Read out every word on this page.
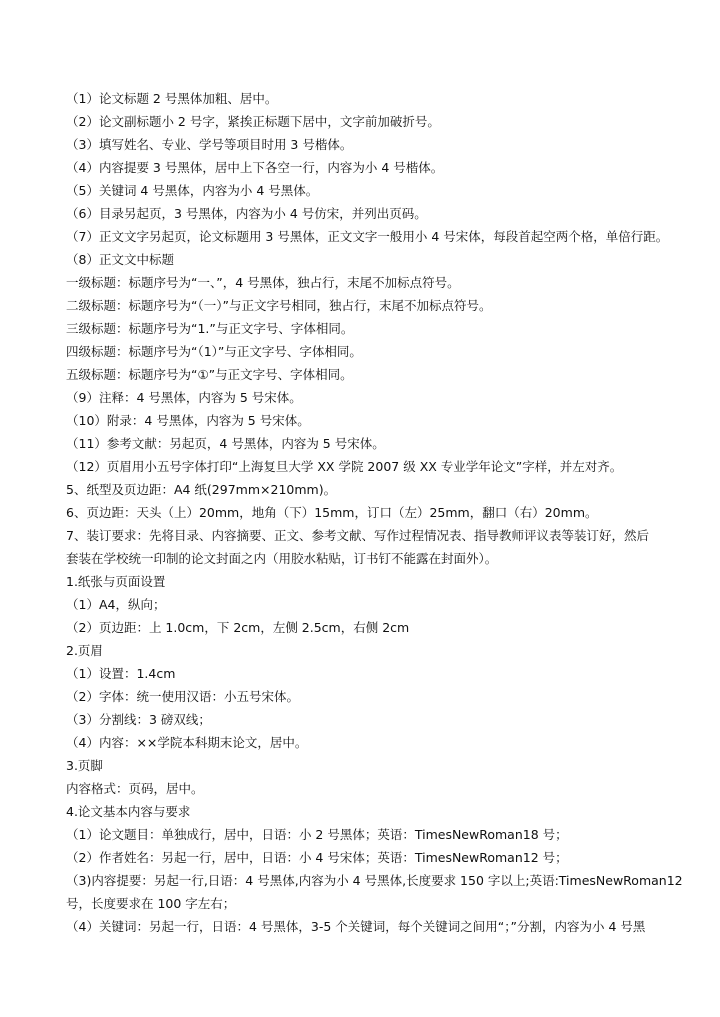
（1）论文标题 2 号黑体加粗、居中。
（2）论文副标题小 2 号字，紧挨正标题下居中，文字前加破折号。
（3）填写姓名、专业、学号等项目时用 3 号楷体。
（4）内容提要 3 号黑体，居中上下各空一行，内容为小 4 号楷体。
（5）关键词 4 号黑体，内容为小 4 号黑体。
（6）目录另起页，3 号黑体，内容为小 4 号仿宋，并列出页码。
（7）正文文字另起页，论文标题用 3 号黑体，正文文字一般用小 4 号宋体，每段首起空两个格，单倍行距。
（8）正文文中标题
一级标题：标题序号为“一、”，4 号黑体，独占行，末尾不加标点符号。
二级标题：标题序号为“（一）”与正文字号相同，独占行，末尾不加标点符号。
三级标题：标题序号为“1.”与正文字号、字体相同。
四级标题：标题序号为“（1）”与正文字号、字体相同。
五级标题：标题序号为“①”与正文字号、字体相同。
（9）注释：4 号黑体，内容为 5 号宋体。
（10）附录：4 号黑体，内容为 5 号宋体。
（11）参考文献：另起页，4 号黑体，内容为 5 号宋体。
（12）页眉用小五号字体打印“上海复旦大学 XX 学院 2007 级 XX 专业学年论文”字样，并左对齐。
5、纸型及页边距：A4 纸(297mm×210mm)。
6、页边距：天头（上）20mm，地角（下）15mm，订口（左）25mm，翻口（右）20mm。
7、装订要求：先将目录、内容摘要、正文、参考文献、写作过程情况表、指导教师评议表等装订好，然后
套装在学校统一印制的论文封面之内（用胶水粘贴，订书钉不能露在封面外）。
1.纸张与页面设置
（1）A4，纵向；
（2）页边距：上 1.0cm，下 2cm，左侧 2.5cm，右侧 2cm
2.页眉
（1）设置：1.4cm
（2）字体：统一使用汉语：小五号宋体。
（3）分割线：3 磅双线；
（4）内容：××学院本科期末论文，居中。
3.页脚
内容格式：页码，居中。
4.论文基本内容与要求
（1）论文题目：单独成行，居中，日语：小 2 号黑体；英语：TimesNewRoman18 号；
（2）作者姓名：另起一行，居中，日语：小 4 号宋体；英语：TimesNewRoman12 号；
（3)内容提要：另起一行,日语：4 号黑体,内容为小 4 号黑体,长度要求 150 字以上;英语:TimesNewRoman12
号，长度要求在 100 字左右；
（4）关键词：另起一行，日语：4 号黑体，3-5 个关键词，每个关键词之间用“；”分割，内容为小 4 号黑
